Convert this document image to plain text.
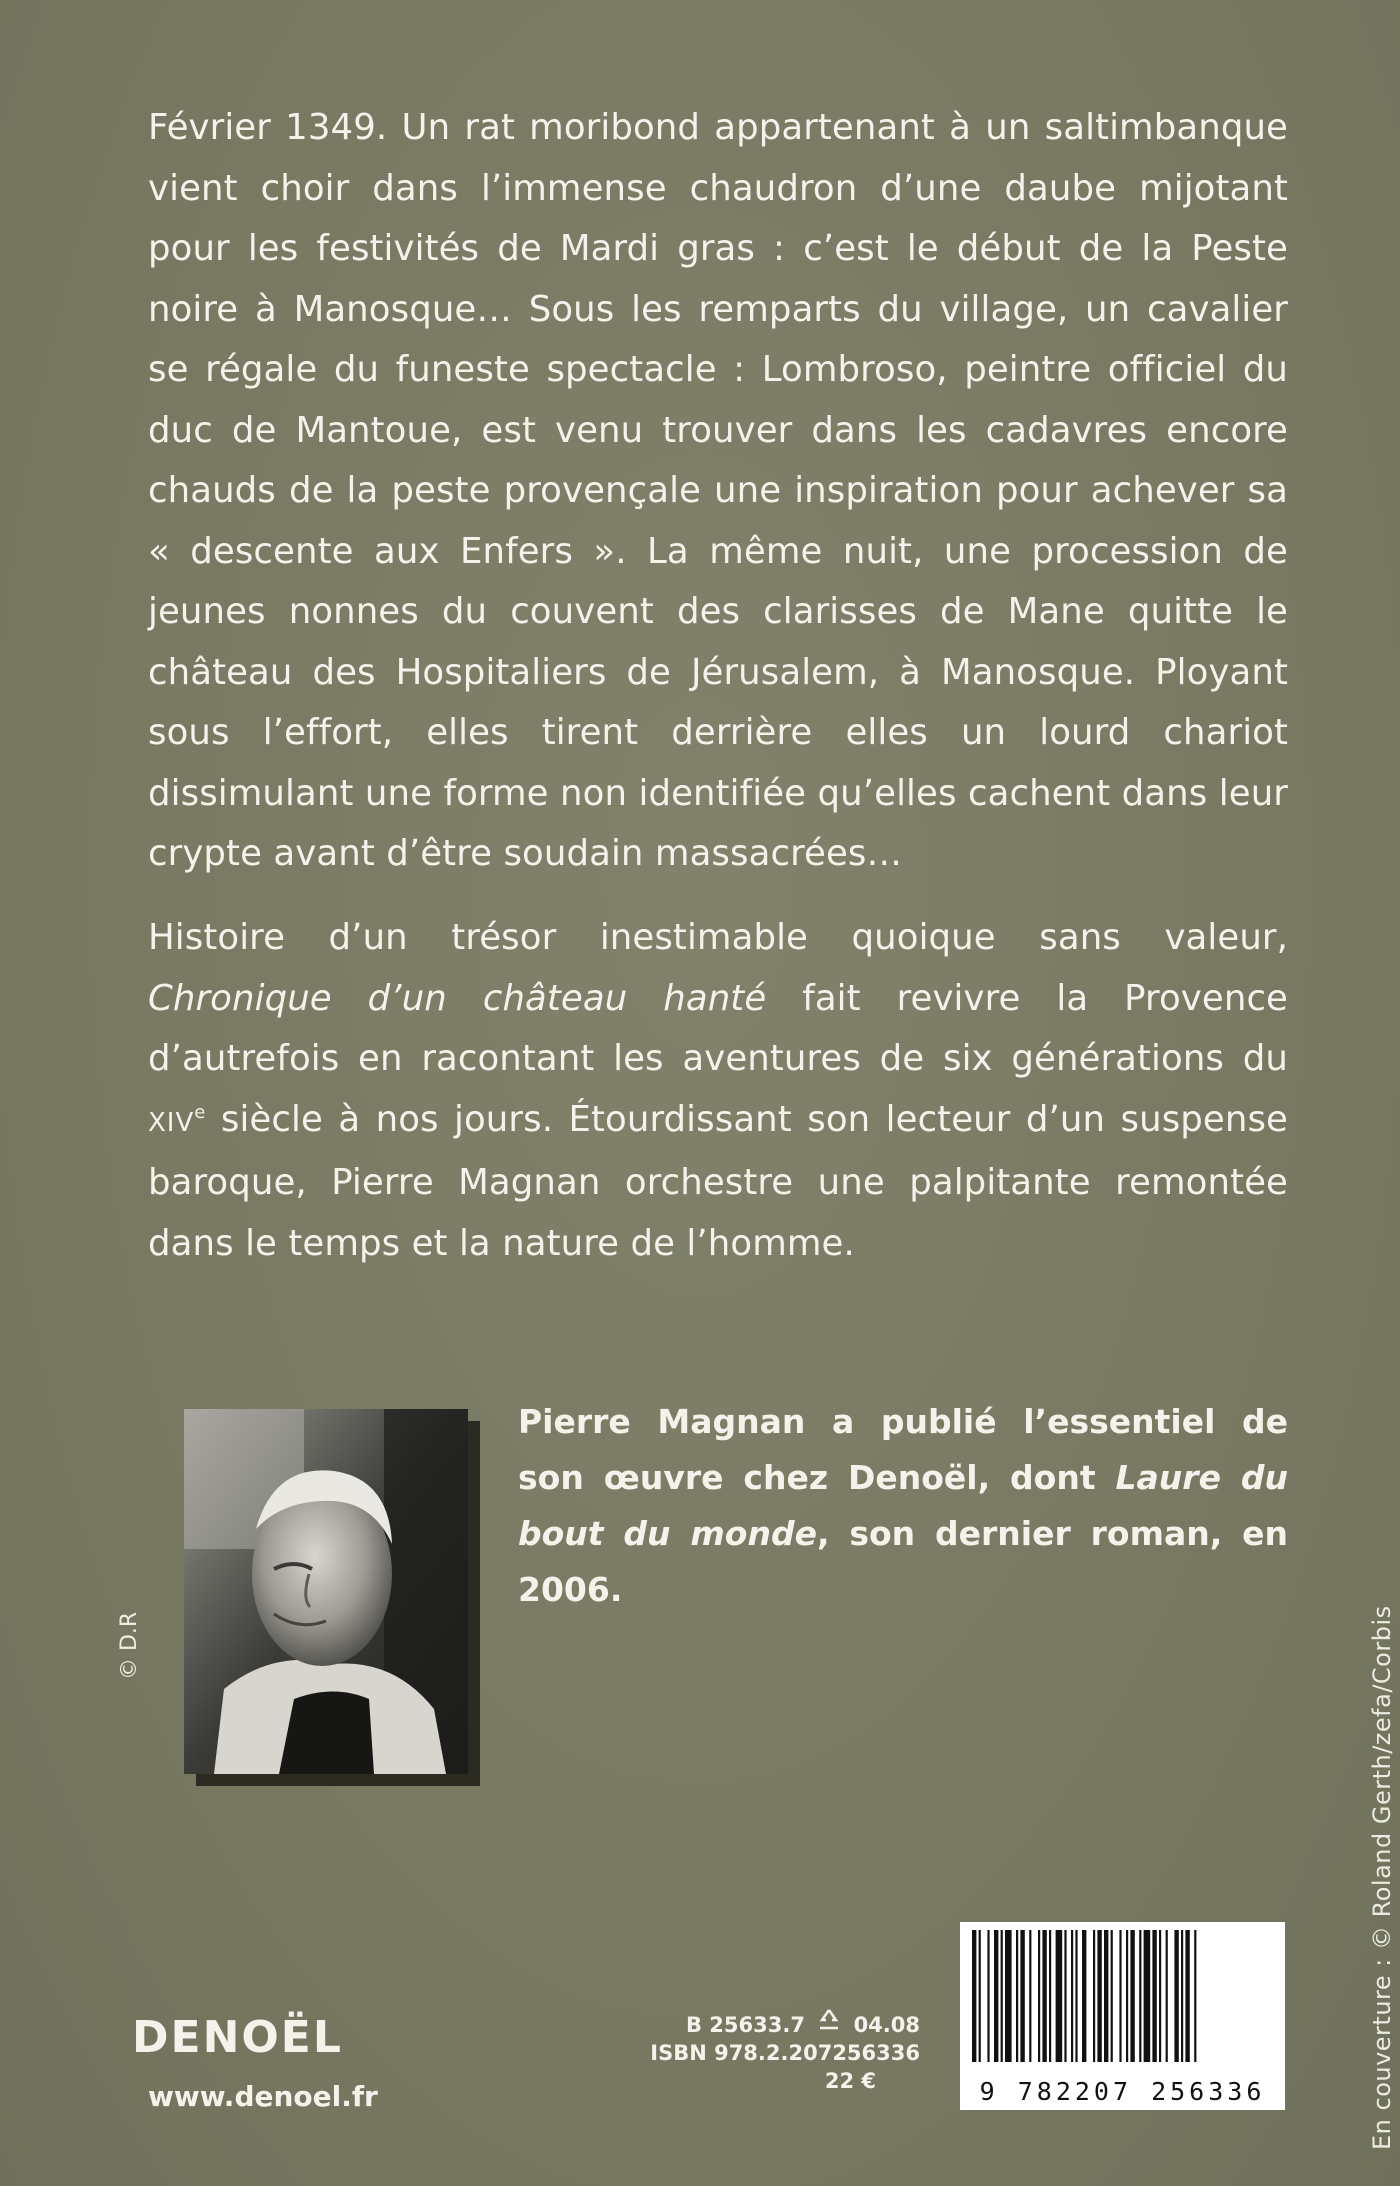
Février 1349. Un rat moribond appartenant à un saltimbanque vient choir dans l’immense chaudron d’une daube mijotant pour les festivités de Mardi gras : c’est le début de la Peste noire à Manosque… Sous les remparts du village, un cavalier se régale du funeste spectacle : Lombroso, peintre officiel du duc de Mantoue, est venu trouver dans les cadavres encore chauds de la peste provençale une inspiration pour achever sa « descente aux Enfers ». La même nuit, une procession de jeunes nonnes du couvent des clarisses de Mane quitte le château des Hospitaliers de Jérusalem, à Manosque. Ployant sous l’effort, elles tirent derrière elles un lourd chariot dissimulant une forme non identifiée qu’elles cachent dans leur crypte avant d’être soudain massacrées…

Histoire d’un trésor inestimable quoique sans valeur, Chronique d’un château hanté fait revivre la Provence d’autrefois en racontant les aventures de six générations du XIVe siècle à nos jours. Étourdissant son lecteur d’un suspense baroque, Pierre Magnan orchestre une palpitante remontée dans le temps et la nature de l’homme.

© D.R

Pierre Magnan a publié l’essentiel de son œuvre chez Denoël, dont Laure du bout du monde, son dernier roman, en 2006.

En couverture : © Roland Gerth/zefa/Corbis
DENOËL
www.denoel.fr
B 25633.7 04.08
ISBN 978.2.207256336
22 €	9 782207 256336
